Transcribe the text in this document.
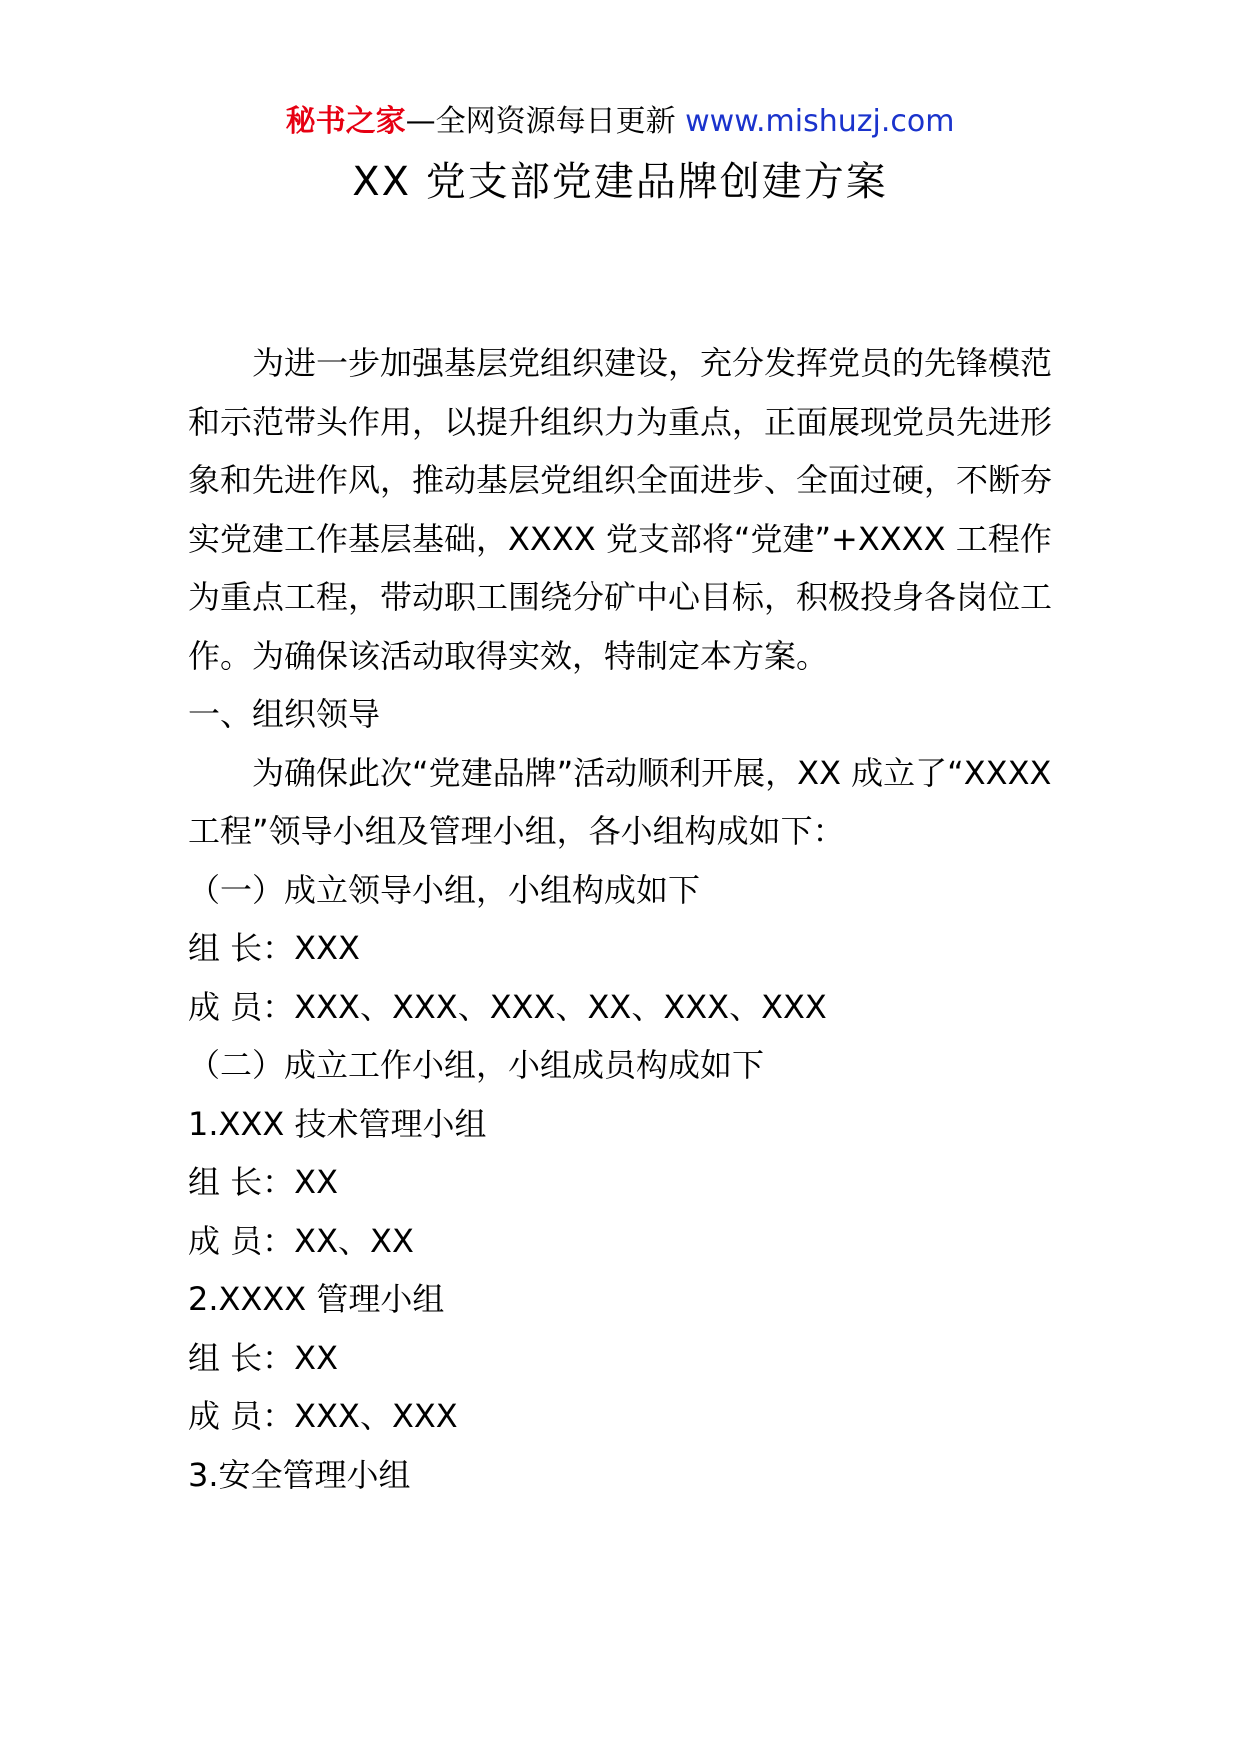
秘书之家—全网资源每日更新 www.mishuzj.com
XX 党支部党建品牌创建方案

为进一步加强基层党组织建设，充分发挥党员的先锋模范和示范带头作用，以提升组织力为重点，正面展现党员先进形象和先进作风，推动基层党组织全面进步、全面过硬，不断夯实党建工作基层基础，XXXX 党支部将“党建”+XXXX 工程作为重点工程，带动职工围绕分矿中心目标，积极投身各岗位工作。为确保该活动取得实效，特制定本方案。

一、组织领导

为确保此次“党建品牌”活动顺利开展，XX 成立了“XXXX 工程”领导小组及管理小组，各小组构成如下：

（一）成立领导小组，小组构成如下

组 长：XXX

成 员：XXX、XXX、XXX、XX、XXX、XXX

（二）成立工作小组，小组成员构成如下

1.XXX 技术管理小组

组 长：XX

成 员：XX、XX

2.XXXX 管理小组

组 长：XX

成 员：XXX、XXX

3.安全管理小组
